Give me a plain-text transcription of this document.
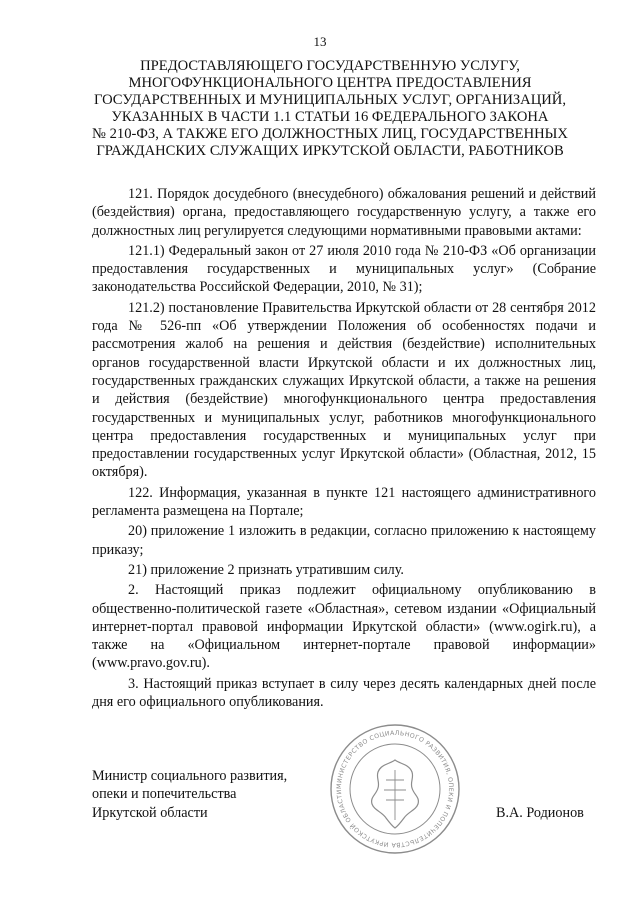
13
ПРЕДОСТАВЛЯЮЩЕГО ГОСУДАРСТВЕННУЮ УСЛУГУ,
МНОГОФУНКЦИОНАЛЬНОГО ЦЕНТРА ПРЕДОСТАВЛЕНИЯ
ГОСУДАРСТВЕННЫХ И МУНИЦИПАЛЬНЫХ УСЛУГ, ОРГАНИЗАЦИЙ,
УКАЗАННЫХ В ЧАСТИ 1.1 СТАТЬИ 16 ФЕДЕРАЛЬНОГО ЗАКОНА
№ 210-ФЗ, А ТАКЖЕ ЕГО ДОЛЖНОСТНЫХ ЛИЦ, ГОСУДАРСТВЕННЫХ
ГРАЖДАНСКИХ СЛУЖАЩИХ ИРКУТСКОЙ ОБЛАСТИ, РАБОТНИКОВ

121. Порядок досудебного (внесудебного) обжалования решений и действий (бездействия) органа, предоставляющего государственную услугу, а также его должностных лиц регулируется следующими нормативными правовыми актами:

121.1) Федеральный закон от 27 июля 2010 года № 210-ФЗ «Об организации предоставления государственных и муниципальных услуг» (Собрание законодательства Российской Федерации, 2010, № 31);

121.2) постановление Правительства Иркутской области от 28 сентября 2012 года № 526-пп «Об утверждении Положения об особенностях подачи и рассмотрения жалоб на решения и действия (бездействие) исполнительных органов государственной власти Иркутской области и их должностных лиц, государственных гражданских служащих Иркутской области, а также на решения и действия (бездействие) многофункционального центра предоставления государственных и муниципальных услуг, работников многофункционального центра предоставления государственных и муниципальных услуг при предоставлении государственных услуг Иркутской области» (Областная, 2012, 15 октября).

122. Информация, указанная в пункте 121 настоящего административного регламента размещена на Портале;

20) приложение 1 изложить в редакции, согласно приложению к настоящему приказу;

21) приложение 2 признать утратившим силу.

2. Настоящий приказ подлежит официальному опубликованию в общественно-политической газете «Областная», сетевом издании «Официальный интернет-портал правовой информации Иркутской области» (www.ogirk.ru), а также на «Официальном интернет-портале правовой информации» (www.pravo.gov.ru).

3. Настоящий приказ вступает в силу через десять календарных дней после дня его официального опубликования.

Министр социального развития,
опеки и попечительства
Иркутской области
МИНИСТЕРСТВО СОЦИАЛЬНОГО РАЗВИТИЯ, ОПЕКИ И ПОПЕЧИТЕЛЬСТВА ИРКУТСКОЙ ОБЛАСТИ
В.А. Родионов
